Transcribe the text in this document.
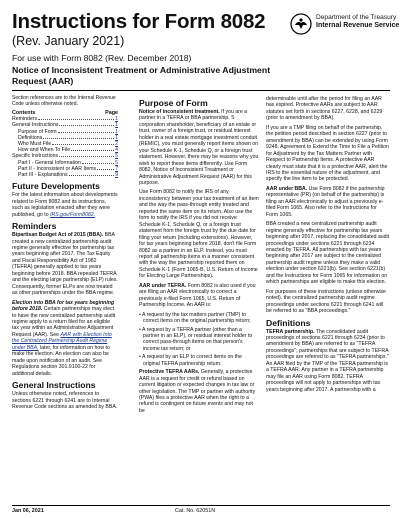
Instructions for Form 8082
(Rev. January 2021)
For use with Form 8082 (Rev. December 2018)
Notice of Inconsistent Treatment or Administrative Adjustment Request (AAR)
Department of the Treasury
Internal Revenue Service
Section references are to the Internal Revenue Code unless otherwise noted.
Contents	Page
Reminders	1
General Instructions	1
Purpose of Form	1
Definitions	1
Who Must File	2
How and When To File	4
Specific Instructions	5
Part I - General Information	5
Part II - Inconsistent or AAR Items	7
Part III - Explanations	9
Future Developments

For the latest information about developments related to Form 8082 and its instructions, such as legislation enacted after they were published, go to IRS.gov/Form8082.

Reminders

Bipartisan Budget Act of 2015 (BBA). BBA created a new centralized partnership audit regime generally effective for partnership tax years beginning after 2017. The Tax Equity and Fiscal Responsibility Act of 1982 (TEFRA) generally applied to tax years beginning before 2018. BBA repealed TEFRA and the electing large partnership (ELP) rules. Consequently, former ELPs are now treated as other partnerships under the BBA regime.

Election into BBA for tax years beginning before 2018. Certain partnerships may elect to have the new centralized partnership audit regime apply to a return filed for an eligible tax year within an Administrative Adjustment Request (AAR). See AAR with Election Into the Centralized Partnership Audit Regime under BBA, later, for information on how to make the election. An election can also be made upon notification of an audit. See Regulations section 301.9100-22 for additional details.

General Instructions

Unless otherwise noted, references to sections 6221 through 6241 are to Internal Revenue Code sections as amended by BBA.

Purpose of Form

Notice of inconsistent treatment. If you are a partner in a TEFRA or BBA partnership, S corporation shareholder, beneficiary of an estate or trust, owner of a foreign trust, or residual interest holder in a real estate mortgage investment conduit (REMIC), you must generally report items shown on your Schedule K-1, Schedule Q, or a foreign trust statement. However, there may be reasons why you wish to report these items differently. Use Form 8082, Notice of Inconsistent Treatment or Administrative Adjustment Request (AAR) for this purpose.

Use Form 8082 to notify the IRS of any inconsistency between your tax treatment of an item and the way the pass-through entity treated and reported the same item on its return. Also use the form to notify the IRS if you did not receive Schedule K-1, Schedule Q, or a foreign trust statement from the foreign trust by the due date for filing your return (including extensions). However, for tax years beginning before 2018, don't file Form 8082 as a partner in an ELP. Instead, you must report all partnership items in a manner consistent with the way the partnership reported them on Schedule K-1 (Form 1065-B, U.S. Return of Income for Electing Large Partnerships).

AAR under TEFRA. Form 8082 is also used if you are filing an AAR electronically to correct a previously e-filed Form 1065, U.S. Return of Partnership Income. An AAR is:

• A request by the tax matters partner (TMP) to correct items on the original partnership return;

• A request by a TEFRA partner (other than a partner in an ELP), or residual interest holder to correct pass-through items on that person's income tax return; or

• A request by an ELP to correct items on the original TEFRA partnership return.

Protective TEFRA AARs. Generally, a protective AAR is a request for credit or refund based on current litigation or expected changes in tax law or other legislation. The TMP or partner with authority (PWA) files a protective AAR when the right to a refund is contingent on future events and may not be

determinable until after the period for filing an AAR has expired. Protective AARs are subject to AAR statutes set forth in sections 6227, 6228, and 6229 (prior to amendment by BBA).

If you are a TMP filing on behalf of the partnership, the petition period described in section 6227 (prior to amendment by BBA) can be extended by using Form 9248, Agreement to Extend the Time to File a Petition for Adjustment by the Tax Matters Partner with Respect to Partnership Items. A protective AAR clearly must state that it is a protective AAR, alert the IRS to the essential nature of the adjustment, and specify the line item to be protected.

AAR under BBA. Use Form 8082 if the partnership representative (PR) (on behalf of the partnership) is filing an AAR electronically to adjust a previously e-filed Form 1065. Also refer to the Instructions for Form 1065.

BBA created a new centralized partnership audit regime generally effective for partnership tax years beginning after 2017, replacing the consolidated audit proceedings under sections 6221 through 6234 enacted by TEFRA. All partnerships with tax years beginning after 2017 are subject to the centralized partnership audit regime unless they make a valid election under section 6221(b). See section 6221(b) and the Instructions for Form 1065 for information on which partnerships are eligible to make this election.

For purposes of these instructions (unless otherwise noted), the centralized partnership audit regime proceedings under sections 6221 through 6241 will be referred to as "BBA proceedings."

Definitions

TEFRA partnership. The consolidated audit proceedings of sections 6221 through 6234 (prior to amendment by BBA) are referred to as "TEFRA proceedings"; partnerships that are subject to TEFRA proceedings are referred to as "TEFRA partnerships." An AAR filed by the TMP of the TEFRA partnership is a TEFRA AAR. Any partner in a TEFRA partnership may file an AAR using Form 8082. TEFRA proceedings will not apply to partnerships with tax years beginning after 2017. A partnership with a

Jan 06, 2021	Cat. No. 62051N
